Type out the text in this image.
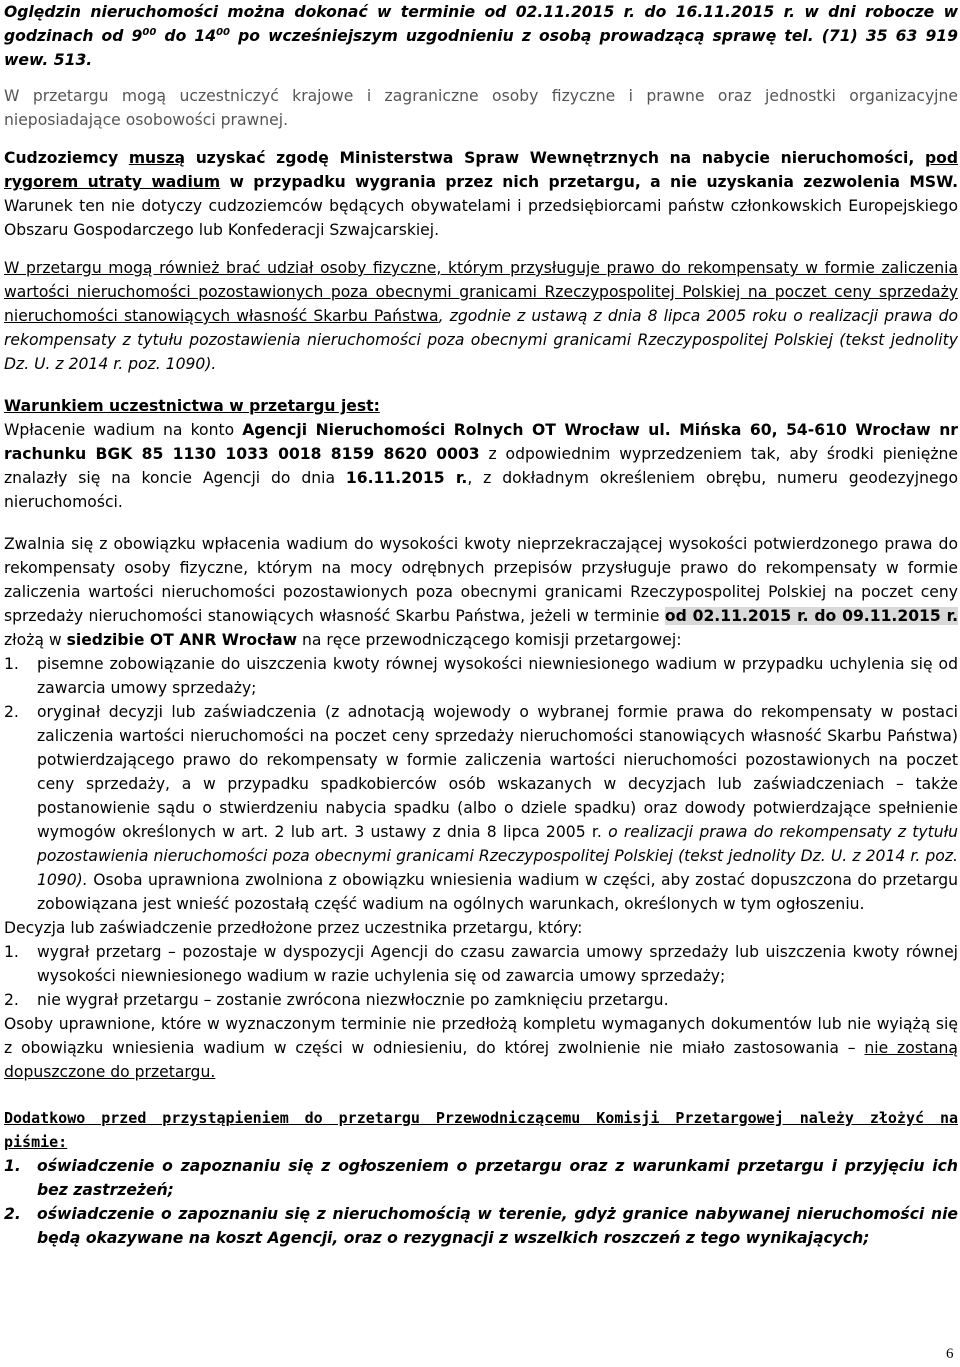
Oględzin nieruchomości można dokonać w terminie od 02.11.2015 r. do 16.11.2015 r. w dni robocze w godzinach od $9^{00}$ do $14^{00}$ po wcześniejszym uzgodnieniu z osobą prowadzącą sprawę tel. (71) 35 63 919 wew. 513.

W przetargu mogą uczestniczyć krajowe i zagraniczne osoby fizyczne i prawne oraz jednostki organizacyjne nieposiadające osobowości prawnej.

Cudzoziemcy muszą uzyskać zgodę Ministerstwa Spraw Wewnętrznych na nabycie nieruchomości, pod rygorem utraty wadium w przypadku wygrania przez nich przetargu, a nie uzyskania zezwolenia MSW. Warunek ten nie dotyczy cudzoziemców będących obywatelami i przedsiębiorcami państw członkowskich Europejskiego Obszaru Gospodarczego lub Konfederacji Szwajcarskiej.

W przetargu mogą również brać udział osoby fizyczne, którym przysługuje prawo do rekompensaty w formie zaliczenia wartości nieruchomości pozostawionych poza obecnymi granicami Rzeczypospolitej Polskiej na poczet ceny sprzedaży nieruchomości stanowiących własność Skarbu Państwa, zgodnie z ustawą z dnia 8 lipca 2005 roku o realizacji prawa do rekompensaty z tytułu pozostawienia nieruchomości poza obecnymi granicami Rzeczypospolitej Polskiej (tekst jednolity Dz. U. z 2014 r. poz. 1090).

Warunkiem uczestnictwa w przetargu jest:

Wpłacenie wadium na konto Agencji Nieruchomości Rolnych OT Wrocław ul. Mińska 60, 54-610 Wrocław nr rachunku BGK 85 1130 1033 0018 8159 8620 0003 z odpowiednim wyprzedzeniem tak, aby środki pieniężne znalazły się na koncie Agencji do dnia 16.11.2015 r., z dokładnym określeniem obrębu, numeru geodezyjnego nieruchomości.

Zwalnia się z obowiązku wpłacenia wadium do wysokości kwoty nieprzekraczającej wysokości potwierdzonego prawa do rekompensaty osoby fizyczne, którym na mocy odrębnych przepisów przysługuje prawo do rekompensaty w formie zaliczenia wartości nieruchomości pozostawionych poza obecnymi granicami Rzeczypospolitej Polskiej na poczet ceny sprzedaży nieruchomości stanowiących własność Skarbu Państwa, jeżeli w terminie od 02.11.2015 r. do 09.11.2015 r. złożą w siedzibie OT ANR Wrocław na ręce przewodniczącego komisji przetargowej:

1. pisemne zobowiązanie do uiszczenia kwoty równej wysokości niewniesionego wadium w przypadku uchylenia się od zawarcia umowy sprzedaży;
2. oryginał decyzji lub zaświadczenia (z adnotacją wojewody o wybranej formie prawa do rekompensaty w postaci zaliczenia wartości nieruchomości na poczet ceny sprzedaży nieruchomości stanowiących własność Skarbu Państwa) potwierdzającego prawo do rekompensaty w formie zaliczenia wartości nieruchomości pozostawionych na poczet ceny sprzedaży, a w przypadku spadkobierców osób wskazanych w decyzjach lub zaświadczeniach – także postanowienie sądu o stwierdzeniu nabycia spadku (albo o dziele spadku) oraz dowody potwierdzające spełnienie wymogów określonych w art. 2 lub art. 3 ustawy z dnia 8 lipca 2005 r. o realizacji prawa do rekompensaty z tytułu pozostawienia nieruchomości poza obecnymi granicami Rzeczypospolitej Polskiej (tekst jednolity Dz. U. z 2014 r. poz. 1090). Osoba uprawniona zwolniona z obowiązku wniesienia wadium w części, aby zostać dopuszczona do przetargu zobowiązana jest wnieść pozostałą część wadium na ogólnych warunkach, określonych w tym ogłoszeniu.

Decyzja lub zaświadczenie przedłożone przez uczestnika przetargu, który:

1. wygrał przetarg – pozostaje w dyspozycji Agencji do czasu zawarcia umowy sprzedaży lub uiszczenia kwoty równej wysokości niewniesionego wadium w razie uchylenia się od zawarcia umowy sprzedaży;
2. nie wygrał przetargu – zostanie zwrócona niezwłocznie po zamknięciu przetargu.

Osoby uprawnione, które w wyznaczonym terminie nie przedłożą kompletu wymaganych dokumentów lub nie wyiążą się z obowiązku wniesienia wadium w części w odniesieniu, do której zwolnienie nie miało zastosowania – nie zostaną dopuszczone do przetargu.

Dodatkowo przed przystąpieniem do przetargu Przewodniczącemu Komisji Przetargowej należy złożyć na piśmie:

1. oświadczenie o zapoznaniu się z ogłoszeniem o przetargu oraz z warunkami przetargu i przyjęciu ich bez zastrzeżeń;
2. oświadczenie o zapoznaniu się z nieruchomością w terenie, gdyż granice nabywanej nieruchomości nie będą okazywane na koszt Agencji, oraz o rezygnacji z wszelkich roszczeń z tego wynikających;
6
